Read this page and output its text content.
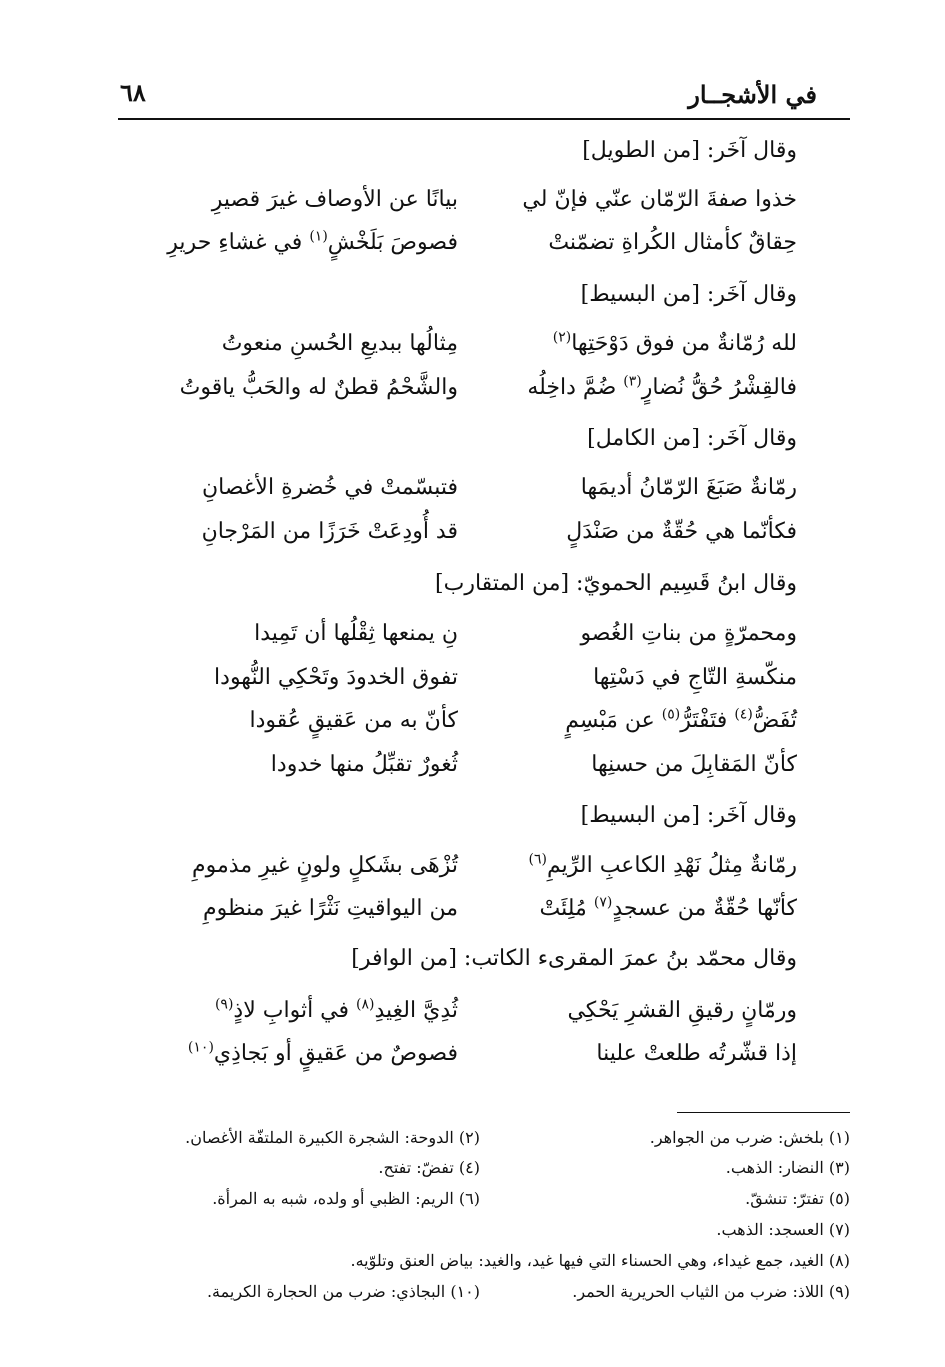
٦٨	في الأشجــار
وقال آخَر: [من الطويل]
خذوا صفةَ الرّمّان عنّي فإنّ لي
بيانًا عن الأوصاف غيرَ قصيرِ
حِقاقٌ كأمثال الكُراةِ تضمّنتْ
فصوصَ بَلَخْشٍ$^{(١)}$ في غشاءِ حريرِ
وقال آخَر: [من البسيط]
لله رُمّانةٌ من فوق دَوْحَتِها$^{(٢)}$
مِثالُها ببديعِ الحُسنِ منعوتُ
فالقِشْرُ حُقُّ نُضارٍ$^{(٣)}$ ضُمَّ داخِلُه
والشَّحْمُ قطنٌ له والحَبُّ ياقوتُ
وقال آخَر: [من الكامل]
رمّانةٌ صَبَغَ الرّمّانُ أديمَها
فتبسّمتْ في خُضرةِ الأغصانِ
فكأنّما هي حُقّةٌ من صَنْدَلٍ
قد أُودِعَتْ خَرَزًا من المَرْجانِ
وقال ابنُ قَسِيم الحمويّ: [من المتقارب]
ومحمرّةٍ من بناتِ الغُصو
نِ يمنعها ثِقْلُها أن تَمِيدا
منكّسةِ التّاجِ في دَسْتِها
تفوق الخدودَ وتَحْكِي النُّهودا
تُفَضُّ$^{(٤)}$ فتَفْتَرُّ$^{(٥)}$ عن مَبْسِمٍ
كأنّ به من عَقيقٍ عُقودا
كأنّ المَقابِلَ من حسنِها
ثُغورٌ تقبِّلُ منها خدودا
وقال آخَر: [من البسيط]
رمّانةٌ مِثلُ نَهْدِ الكاعبِ الرِّيمِ$^{(٦)}$
تُزْهَى بشَكلٍ ولونٍ غيرِ مذمومِ
كأنّها حُقّةٌ من عسجدٍ$^{(٧)}$ مُلِئَتْ
من اليواقيتِ نَثْرًا غيرَ منظومِ
وقال محمّد بنُ عمرَ المقرىء الكاتب: [من الوافر]
ورمّانٍ رقيقِ القشرِ يَحْكِي
ثُدِيَّ الغِيدِ$^{(٨)}$ في أثوابِ لاذٍ$^{(٩)}$
إذا قشّرتُه طلعتْ علينا
فصوصٌ من عَقيقٍ أو بَجاذِي$^{(١٠)}$
(١) بلخش: ضرب من الجواهر.
(٢) الدوحة: الشجرة الكبيرة الملتفّة الأغصان.
(٣) النضار: الذهب.
(٤) تفضّ: تفتح.
(٥) تفترّ: تنشقّ.
(٦) الريم: الظبي أو ولده، شبه به المرأة.
(٧) العسجد: الذهب.
(٨) الغيد، جمع غيداء، وهي الحسناء التي فيها غيد، والغيد: بياض العنق وتلوّيه.
(٩) اللاذ: ضرب من الثياب الحريرية الحمر.
(١٠) البجاذي: ضرب من الحجارة الكريمة.
